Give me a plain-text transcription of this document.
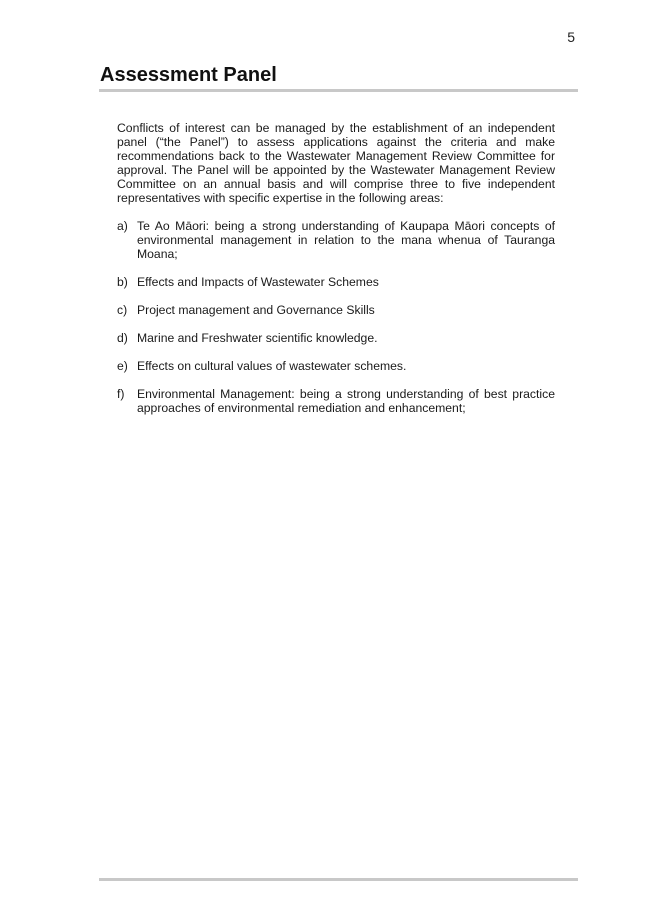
5
Assessment Panel

Conflicts of interest can be managed by the establishment of an independent panel (“the Panel”) to assess applications against the criteria and make recommendations back to the Wastewater Management Review Committee for approval. The Panel will be appointed by the Wastewater Management Review Committee on an annual basis and will comprise three to five independent representatives with specific expertise in the following areas:

a) Te Ao Māori: being a strong understanding of Kaupapa Māori concepts of environmental management in relation to the mana whenua of Tauranga Moana;
b) Effects and Impacts of Wastewater Schemes
c) Project management and Governance Skills
d) Marine and Freshwater scientific knowledge.
e) Effects on cultural values of wastewater schemes.
f)	Environmental Management: being a strong understanding of best practice approaches of environmental remediation and enhancement;
